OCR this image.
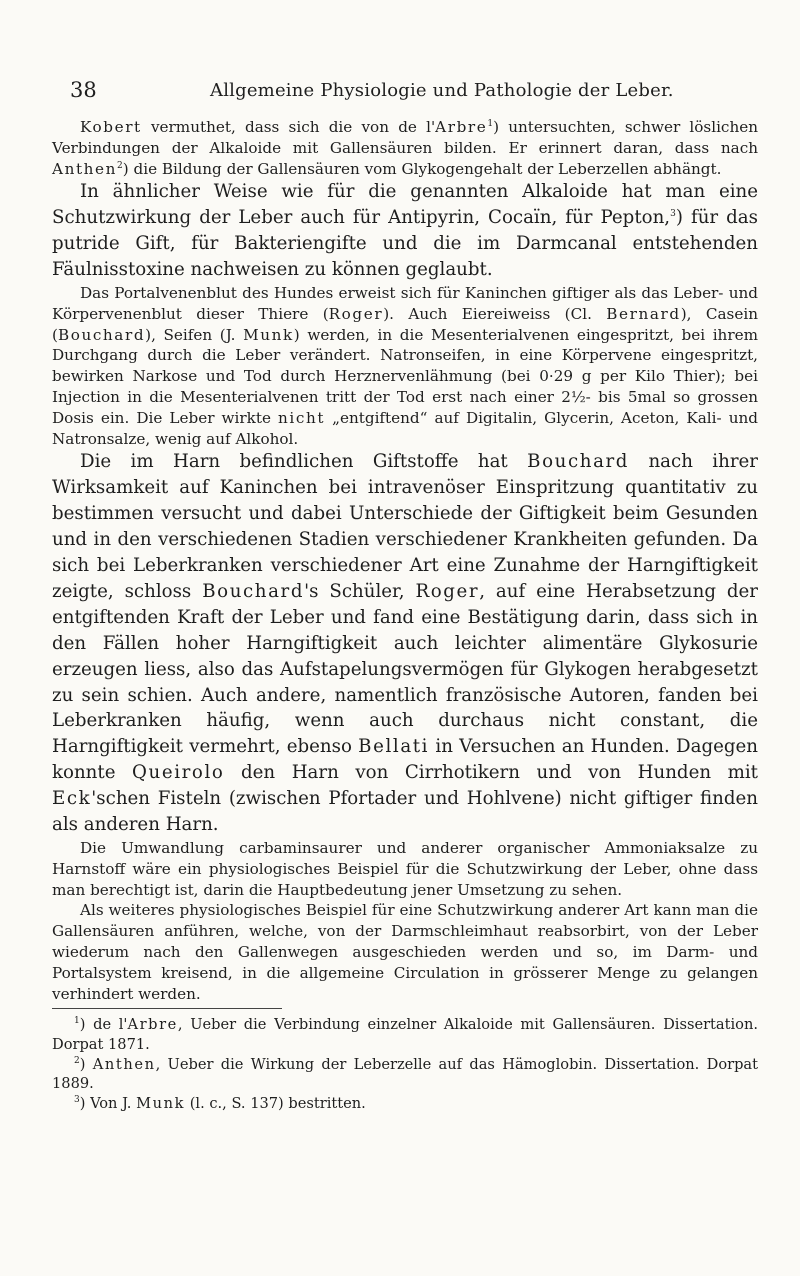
38	Allgemeine Physiologie und Pathologie der Leber.

Kobert vermuthet, dass sich die von de l'Arbre$^1$) untersuchten, schwer löslichen Verbindungen der Alkaloide mit Gallensäuren bilden. Er erinnert daran, dass nach Anthen$^2$) die Bildung der Gallensäuren vom Glykogengehalt der Leberzellen abhängt.

In ähnlicher Weise wie für die genannten Alkaloide hat man eine Schutzwirkung der Leber auch für Antipyrin, Cocaïn, für Pepton,$^3$) für das putride Gift, für Bakteriengifte und die im Darmcanal entstehenden Fäulnisstoxine nachweisen zu können geglaubt.

Das Portalvenenblut des Hundes erweist sich für Kaninchen giftiger als das Leber- und Körpervenenblut dieser Thiere (Roger). Auch Eiereiweiss (Cl. Bernard), Casein (Bouchard), Seifen (J. Munk) werden, in die Mesenterialvenen eingespritzt, bei ihrem Durchgang durch die Leber verändert. Natronseifen, in eine Körpervene eingespritzt, bewirken Narkose und Tod durch Herznervenlähmung (bei 0·29 g per Kilo Thier); bei Injection in die Mesenterialvenen tritt der Tod erst nach einer 2½- bis 5mal so grossen Dosis ein. Die Leber wirkte nicht „entgiftend“ auf Digitalin, Glycerin, Aceton, Kali- und Natronsalze, wenig auf Alkohol.

Die im Harn befindlichen Giftstoffe hat Bouchard nach ihrer Wirksamkeit auf Kaninchen bei intravenöser Einspritzung quantitativ zu bestimmen versucht und dabei Unterschiede der Giftigkeit beim Gesunden und in den verschiedenen Stadien verschiedener Krankheiten gefunden. Da sich bei Leberkranken verschiedener Art eine Zunahme der Harngiftigkeit zeigte, schloss Bouchard's Schüler, Roger, auf eine Herabsetzung der entgiftenden Kraft der Leber und fand eine Bestätigung darin, dass sich in den Fällen hoher Harngiftigkeit auch leichter alimentäre Glykosurie erzeugen liess, also das Aufstapelungsvermögen für Glykogen herabgesetzt zu sein schien. Auch andere, namentlich französische Autoren, fanden bei Leberkranken häufig, wenn auch durchaus nicht constant, die Harngiftigkeit vermehrt, ebenso Bellati in Versuchen an Hunden. Dagegen konnte Queirolo den Harn von Cirrhotikern und von Hunden mit Eck'schen Fisteln (zwischen Pfortader und Hohlvene) nicht giftiger finden als anderen Harn.

Die Umwandlung carbaminsaurer und anderer organischer Ammoniaksalze zu Harnstoff wäre ein physiologisches Beispiel für die Schutzwirkung der Leber, ohne dass man berechtigt ist, darin die Hauptbedeutung jener Umsetzung zu sehen.

Als weiteres physiologisches Beispiel für eine Schutzwirkung anderer Art kann man die Gallensäuren anführen, welche, von der Darmschleimhaut reabsorbirt, von der Leber wiederum nach den Gallenwegen ausgeschieden werden und so, im Darm- und Portalsystem kreisend, in die allgemeine Circulation in grösserer Menge zu gelangen verhindert werden.

$^1$) de l'Arbre, Ueber die Verbindung einzelner Alkaloide mit Gallensäuren. Dissertation. Dorpat 1871.

$^2$) Anthen, Ueber die Wirkung der Leberzelle auf das Hämoglobin. Dissertation. Dorpat 1889.

$^3$) Von J. Munk (l. c., S. 137) bestritten.
